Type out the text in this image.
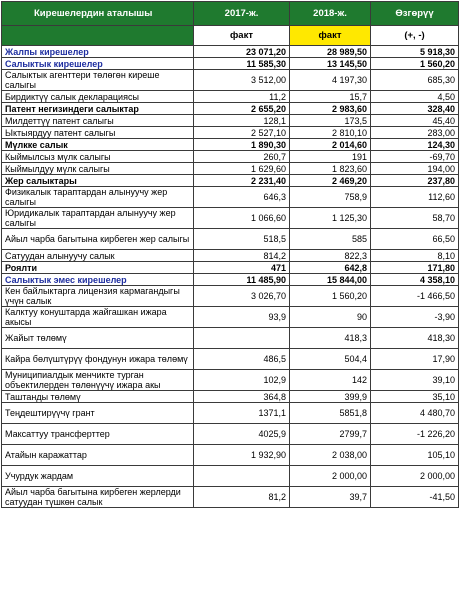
Кирешелердин аталышы	2017-ж.	2018-ж.	Өзгөрүү
	факт	факт	(+, -)
Жалпы кирешелер	23 071,20	28 989,50	5 918,30
Салыктык кирешелер	11 585,30	13 145,50	1 560,20
Салыктык агенттери төлөгөн киреше салыгы	3 512,00	4 197,30	685,30
Бирдиктүү салык декларациясы	11,2	15,7	4,50
Патент негизиндеги салыктар	2 655,20	2 983,60	328,40
Милдеттүү патент салыгы	128,1	173,5	45,40
Ыктыярдуу патент салыгы	2 527,10	2 810,10	283,00
Мүлкке салык	1 890,30	2 014,60	124,30
Кыймылсыз мүлк салыгы	260,7	191	-69,70
Кыймылдуу мүлк салыгы	1 629,60	1 823,60	194,00
Жер салыктары	2 231,40	2 469,20	237,80
Физикалык тараптардан алынуучу жер салыгы	646,3	758,9	112,60
Юридикалык тараптардан алынуучу жер салыгы	1 066,60	1 125,30	58,70
Айыл чарба багытына кирбеген жер салыгы	518,5	585	66,50
Сатуудан алынуучу салык	814,2	822,3	8,10
Роялти	471	642,8	171,80
Салыктык эмес кирешелер	11 485,90	15 844,00	4 358,10
Кен байлыктарга лицензия кармагандыгы үчүн салык	3 026,70	1 560,20	-1 466,50
Калктуу конуштарда жайгашкан ижара акысы	93,9	90	-3,90
Жайыт төлөмү		418,3	418,30
Кайра бөлүштүрүү фондунун ижара төлөмү	486,5	504,4	17,90
Муниципиалдык менчикте турган объектилерден төлөнүүчү ижара акы	102,9	142	39,10
Таштанды төлөмү	364,8	399,9	35,10
Теңдештирүүчү грант	1371,1	5851,8	4 480,70
Максаттуу трансферттер	4025,9	2799,7	-1 226,20
Атайын каражаттар	1 932,90	2 038,00	105,10
Учурдук жардам		2 000,00	2 000,00
Айыл чарба багытына кирбеген жерлерди сатуудан түшкөн салык	81,2	39,7	-41,50
